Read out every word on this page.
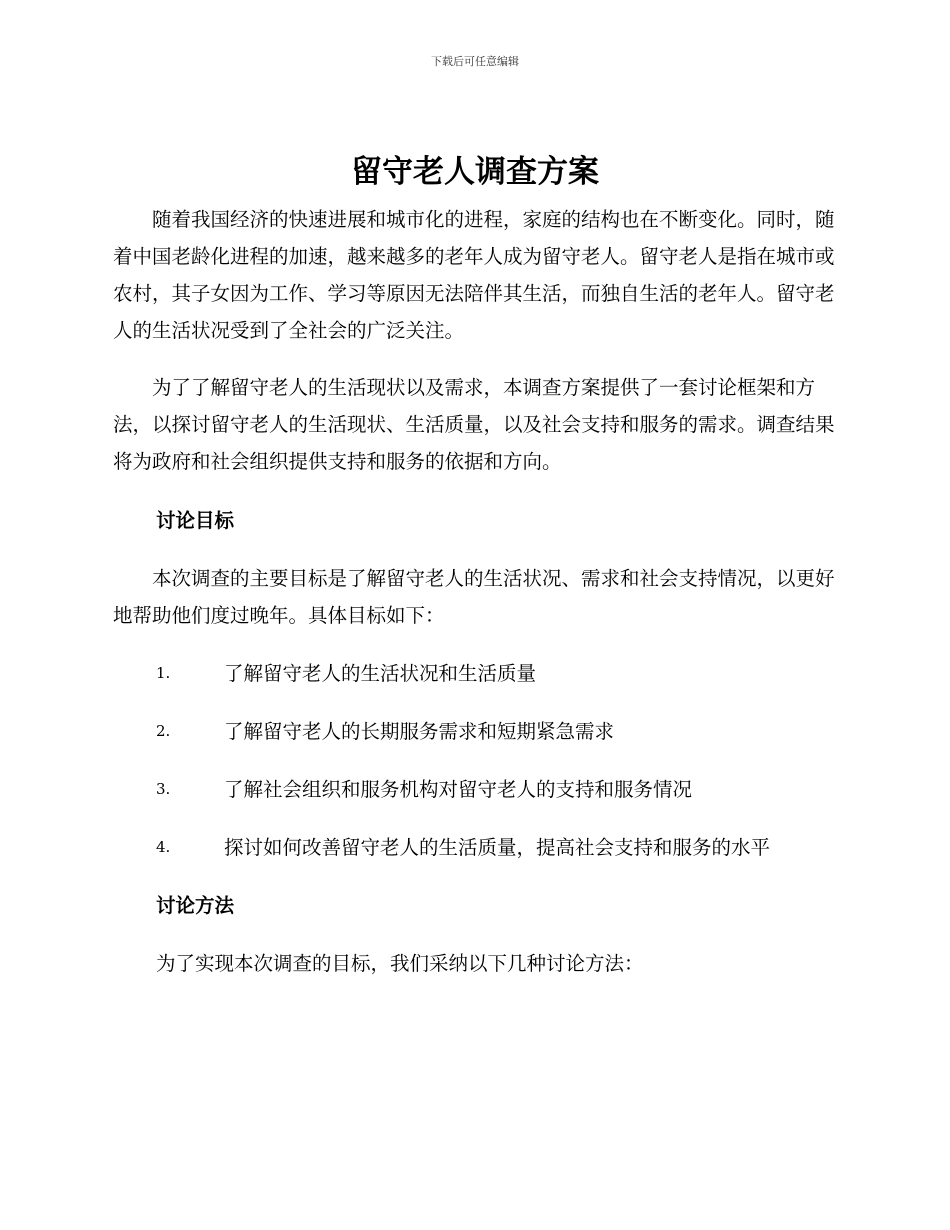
下载后可任意编辑
留守老人调查方案

随着我国经济的快速进展和城市化的进程，家庭的结构也在不断变化。同时，随着中国老龄化进程的加速，越来越多的老年人成为留守老人。留守老人是指在城市或农村，其子女因为工作、学习等原因无法陪伴其生活，而独自生活的老年人。留守老人的生活状况受到了全社会的广泛关注。

为了了解留守老人的生活现状以及需求，本调查方案提供了一套讨论框架和方法，以探讨留守老人的生活现状、生活质量，以及社会支持和服务的需求。调查结果将为政府和社会组织提供支持和服务的依据和方向。

讨论目标

本次调查的主要目标是了解留守老人的生活状况、需求和社会支持情况，以更好地帮助他们度过晚年。具体目标如下：

1.	了解留守老人的生活状况和生活质量
2.	了解留守老人的长期服务需求和短期紧急需求
3.	了解社会组织和服务机构对留守老人的支持和服务情况
4.	探讨如何改善留守老人的生活质量，提高社会支持和服务的水平

讨论方法

为了实现本次调查的目标，我们采纳以下几种讨论方法：
